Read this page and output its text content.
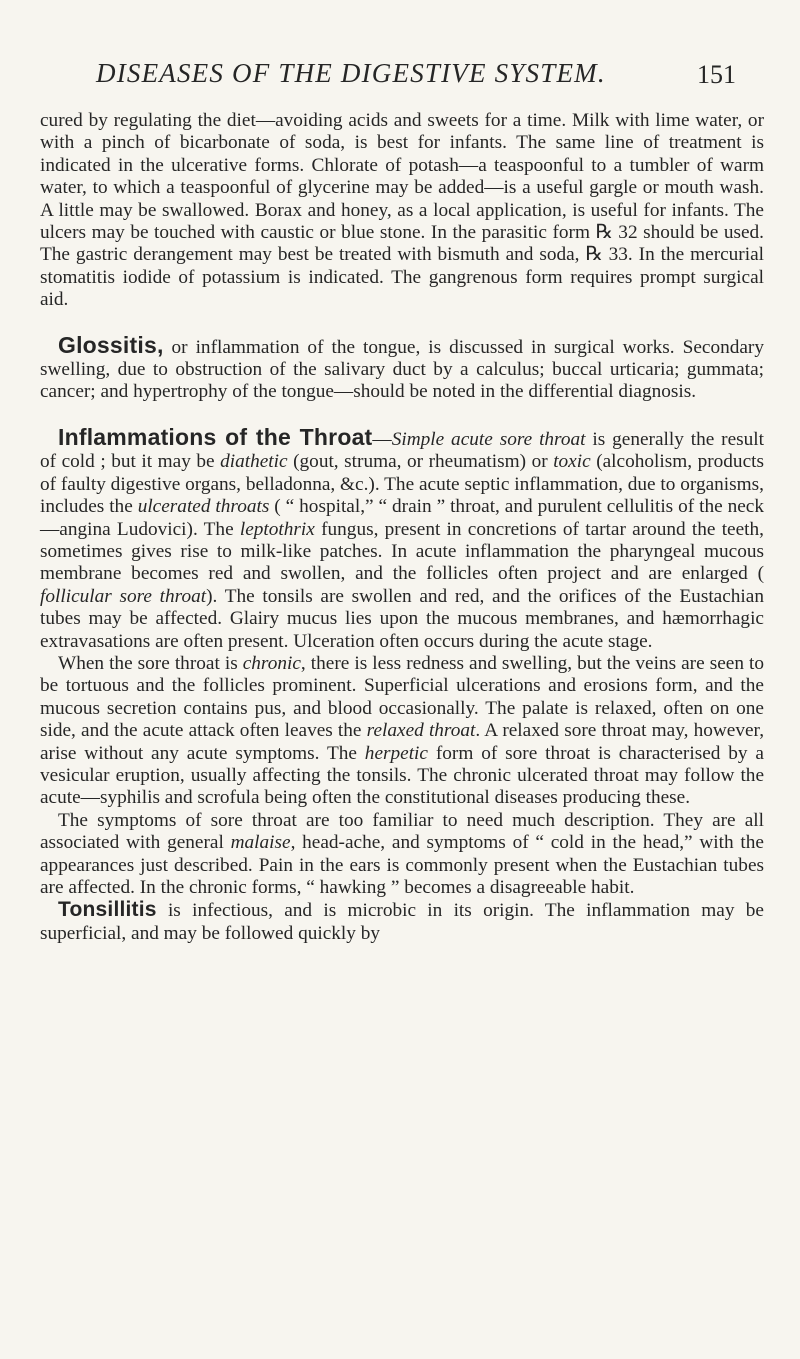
DISEASES OF THE DIGESTIVE SYSTEM.	151

cured by regulating the diet—avoiding acids and sweets for a time. Milk with lime water, or with a pinch of bicarbonate of soda, is best for infants. The same line of treatment is indicated in the ulcerative forms. Chlorate of potash—a teaspoonful to a tumbler of warm water, to which a teaspoonful of glycerine may be added—is a useful gargle or mouth wash. A little may be swallowed. Borax and honey, as a local application, is useful for infants. The ulcers may be touched with caustic or blue stone. In the parasitic form ℞ 32 should be used. The gastric derangement may best be treated with bismuth and soda, ℞ 33. In the mercurial stomatitis iodide of potassium is indicated. The gangrenous form requires prompt surgical aid.

Glossitis, or inflammation of the tongue, is discussed in surgical works. Secondary swelling, due to obstruction of the salivary duct by a calculus; buccal urticaria; gummata; cancer; and hypertrophy of the tongue—should be noted in the differential diagnosis.

Inflammations of the Throat—Simple acute sore throat is generally the result of cold ; but it may be diathetic (gout, struma, or rheumatism) or toxic (alcoholism, products of faulty digestive organs, belladonna, &c.). The acute septic inflammation, due to organisms, includes the ulcerated throats ( “ hospital,” “ drain ” throat, and purulent cellulitis of the neck—angina Ludovici). The leptothrix fungus, present in concretions of tartar around the teeth, sometimes gives rise to milk-like patches. In acute inflammation the pharyngeal mucous membrane becomes red and swollen, and the follicles often project and are enlarged ( follicular sore throat). The tonsils are swollen and red, and the orifices of the Eustachian tubes may be affected. Glairy mucus lies upon the mucous membranes, and hæmorrhagic extravasations are often present. Ulceration often occurs during the acute stage.

When the sore throat is chronic, there is less redness and swelling, but the veins are seen to be tortuous and the follicles prominent. Superficial ulcerations and erosions form, and the mucous secretion contains pus, and blood occasionally. The palate is relaxed, often on one side, and the acute attack often leaves the relaxed throat. A relaxed sore throat may, however, arise without any acute symptoms. The herpetic form of sore throat is characterised by a vesicular eruption, usually affecting the tonsils. The chronic ulcerated throat may follow the acute—syphilis and scrofula being often the constitutional diseases producing these.

The symptoms of sore throat are too familiar to need much description. They are all associated with general malaise, head-ache, and symptoms of “ cold in the head,” with the appearances just described. Pain in the ears is commonly present when the Eustachian tubes are affected. In the chronic forms, “ hawking ” becomes a disagreeable habit.

Tonsillitis is infectious, and is microbic in its origin. The inflammation may be superficial, and may be followed quickly by
